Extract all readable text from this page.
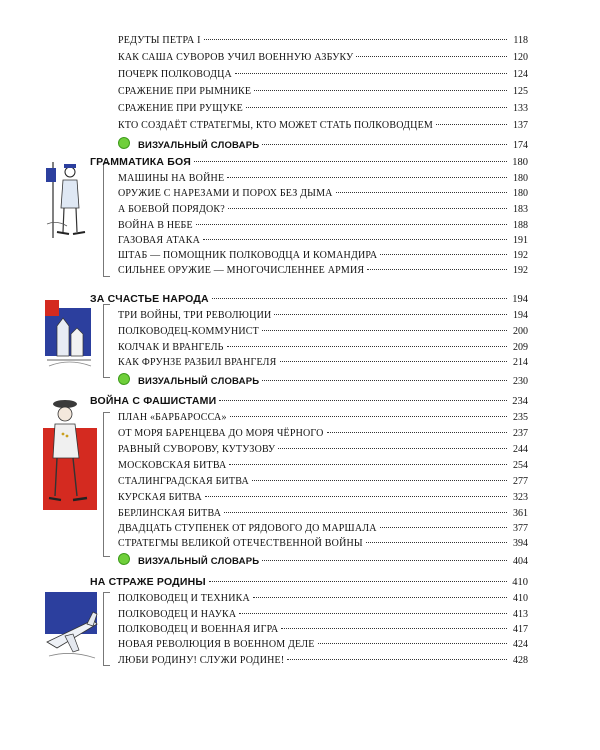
РЕДУТЫ ПЕТРА I	118
КАК САША СУВОРОВ УЧИЛ ВОЕННУЮ АЗБУКУ	120
ПОЧЕРК ПОЛКОВОДЦА	124
СРАЖЕНИЕ ПРИ РЫМНИКЕ	125
СРАЖЕНИЕ ПРИ РУЩУКЕ	133
КТО СОЗДАЁТ СТРАТЕГМЫ, КТО МОЖЕТ СТАТЬ ПОЛКОВОДЦЕМ	137
ВИЗУАЛЬНЫЙ СЛОВАРЬ	174
ГРАММАТИКА БОЯ	180
МАШИНЫ НА ВОЙНЕ	180
ОРУЖИЕ С НАРЕЗАМИ И ПОРОХ БЕЗ ДЫМА	180
А БОЕВОЙ ПОРЯДОК?	183
ВОЙНА В НЕБЕ	188
ГАЗОВАЯ АТАКА	191
ШТАБ — ПОМОЩНИК ПОЛКОВОДЦА И КОМАНДИРА	192
СИЛЬНЕЕ ОРУЖИЕ — МНОГОЧИСЛЕННЕЕ АРМИЯ	192
ЗА СЧАСТЬЕ НАРОДА	194
ТРИ ВОЙНЫ, ТРИ РЕВОЛЮЦИИ	194
ПОЛКОВОДЕЦ-КОММУНИСТ	200
КОЛЧАК И ВРАНГЕЛЬ	209
КАК ФРУНЗЕ РАЗБИЛ ВРАНГЕЛЯ	214
ВИЗУАЛЬНЫЙ СЛОВАРЬ	230
ВОЙНА С ФАШИСТАМИ	234
ПЛАН «БАРБАРОССА»	235
ОТ МОРЯ БАРЕНЦЕВА ДО МОРЯ ЧЁРНОГО	237
РАВНЫЙ СУВОРОВУ, КУТУЗОВУ	244
МОСКОВСКАЯ БИТВА	254
СТАЛИНГРАДСКАЯ БИТВА	277
КУРСКАЯ БИТВА	323
БЕРЛИНСКАЯ БИТВА	361
ДВАДЦАТЬ СТУПЕНЕК ОТ РЯДОВОГО ДО МАРШАЛА	377
СТРАТЕГМЫ ВЕЛИКОЙ ОТЕЧЕСТВЕННОЙ ВОЙНЫ	394
ВИЗУАЛЬНЫЙ СЛОВАРЬ	404
НА СТРАЖЕ РОДИНЫ	410
ПОЛКОВОДЕЦ И ТЕХНИКА	410
ПОЛКОВОДЕЦ И НАУКА	413
ПОЛКОВОДЕЦ И ВОЕННАЯ ИГРА	417
НОВАЯ РЕВОЛЮЦИЯ В ВОЕННОМ ДЕЛЕ	424
ЛЮБИ РОДИНУ! СЛУЖИ РОДИНЕ!	428
